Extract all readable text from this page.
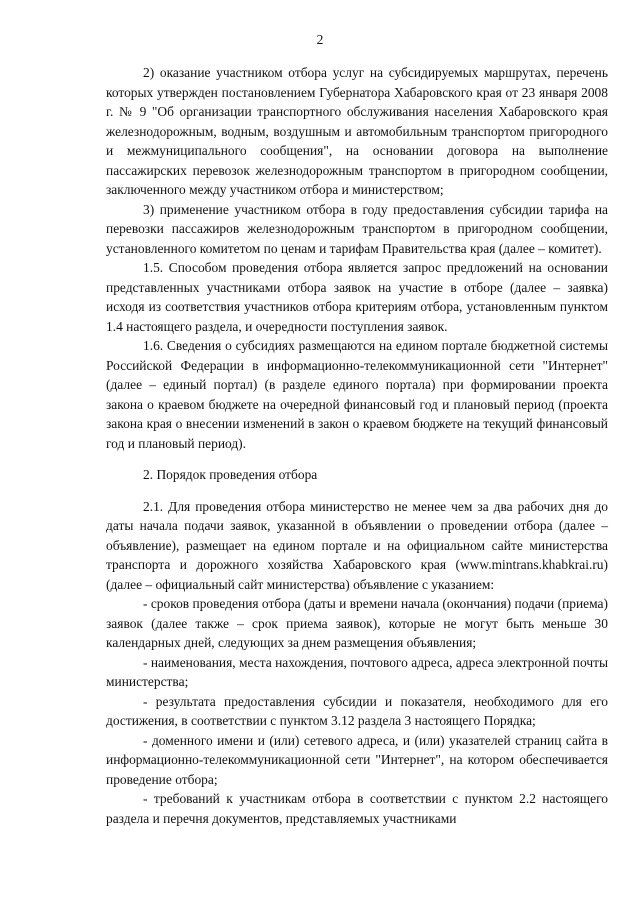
2

2) оказание участником отбора услуг на субсидируемых маршрутах, перечень которых утвержден постановлением Губернатора Хабаровского края от 23 января 2008 г. № 9 "Об организации транспортного обслуживания населения Хабаровского края железнодорожным, водным, воздушным и автомобильным транспортом пригородного и межмуниципального сообщения", на основании договора на выполнение пассажирских перевозок железнодорожным транспортом в пригородном сообщении, заключенного между участником отбора и министерством;

3) применение участником отбора в году предоставления субсидии тарифа на перевозки пассажиров железнодорожным транспортом в пригородном сообщении, установленного комитетом по ценам и тарифам Правительства края (далее – комитет).

1.5. Способом проведения отбора является запрос предложений на основании представленных участниками отбора заявок на участие в отборе (далее – заявка) исходя из соответствия участников отбора критериям отбора, установленным пунктом 1.4 настоящего раздела, и очередности поступления заявок.

1.6. Сведения о субсидиях размещаются на едином портале бюджетной системы Российской Федерации в информационно-телекоммуникационной сети "Интернет" (далее – единый портал) (в разделе единого портала) при формировании проекта закона о краевом бюджете на очередной финансовый год и плановый период (проекта закона края о внесении изменений в закон о краевом бюджете на текущий финансовый год и плановый период).

2. Порядок проведения отбора

2.1. Для проведения отбора министерство не менее чем за два рабочих дня до даты начала подачи заявок, указанной в объявлении о проведении отбора (далее – объявление), размещает на едином портале и на официальном сайте министерства транспорта и дорожного хозяйства Хабаровского края (www.mintrans.khabkrai.ru) (далее – официальный сайт министерства) объявление с указанием:

- сроков проведения отбора (даты и времени начала (окончания) подачи (приема) заявок (далее также – срок приема заявок), которые не могут быть меньше 30 календарных дней, следующих за днем размещения объявления;

- наименования, места нахождения, почтового адреса, адреса электронной почты министерства;

- результата предоставления субсидии и показателя, необходимого для его достижения, в соответствии с пунктом 3.12 раздела 3 настоящего Порядка;

- доменного имени и (или) сетевого адреса, и (или) указателей страниц сайта в информационно-телекоммуникационной сети "Интернет", на котором обеспечивается проведение отбора;

- требований к участникам отбора в соответствии с пунктом 2.2 настоящего раздела и перечня документов, представляемых участниками
